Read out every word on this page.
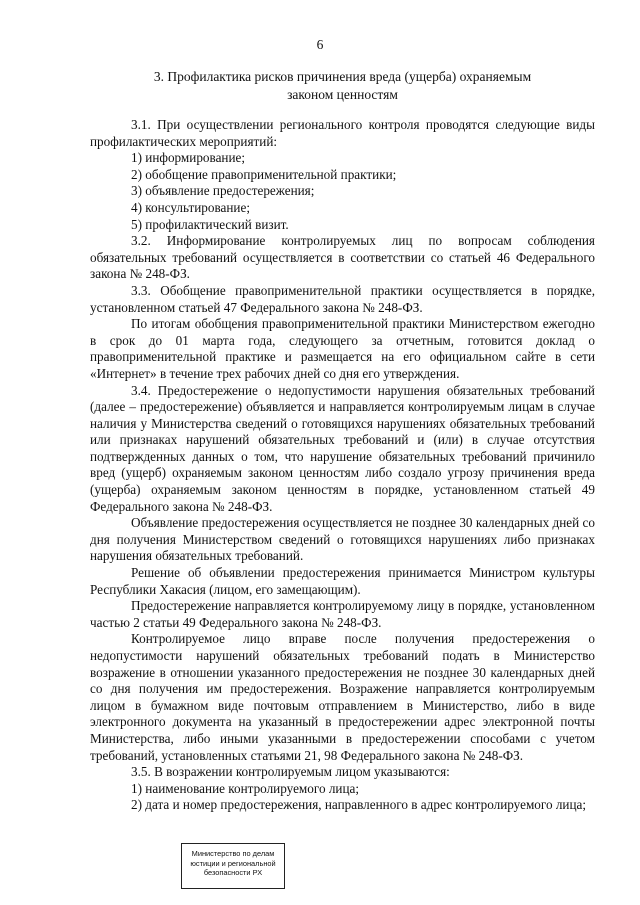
6
3. Профилактика рисков причинения вреда (ущерба) охраняемым
законом ценностям

3.1. При осуществлении регионального контроля проводятся следующие виды профилактических мероприятий:

1) информирование;

2) обобщение правоприменительной практики;

3) объявление предостережения;

4) консультирование;

5) профилактический визит.

3.2. Информирование контролируемых лиц по вопросам соблюдения обязательных требований осуществляется в соответствии со статьей 46 Федерального закона № 248-ФЗ.

3.3. Обобщение правоприменительной практики осуществляется в порядке, установленном статьей 47 Федерального закона № 248-ФЗ.

По итогам обобщения правоприменительной практики Министерством ежегодно в срок до 01 марта года, следующего за отчетным, готовится доклад о правоприменительной практике и размещается на его официальном сайте в сети «Интернет» в течение трех рабочих дней со дня его утверждения.

3.4. Предостережение о недопустимости нарушения обязательных требований (далее – предостережение) объявляется и направляется контролируемым лицам в случае наличия у Министерства сведений о готовящихся нарушениях обязательных требований или признаках нарушений обязательных требований и (или) в случае отсутствия подтвержденных данных о том, что нарушение обязательных требований причинило вред (ущерб) охраняемым законом ценностям либо создало угрозу причинения вреда (ущерба) охраняемым законом ценностям в порядке, установленном статьей 49 Федерального закона № 248-ФЗ.

Объявление предостережения осуществляется не позднее 30 календарных дней со дня получения Министерством сведений о готовящихся нарушениях либо признаках нарушения обязательных требований.

Решение об объявлении предостережения принимается Министром культуры Республики Хакасия (лицом, его замещающим).

Предостережение направляется контролируемому лицу в порядке, установленном частью 2 статьи 49 Федерального закона № 248-ФЗ.

Контролируемое лицо вправе после получения предостережения о недопустимости нарушений обязательных требований подать в Министерство возражение в отношении указанного предостережения не позднее 30 календарных дней со дня получения им предостережения. Возражение направляется контролируемым лицом в бумажном виде почтовым отправлением в Министерство, либо в виде электронного документа на указанный в предостережении адрес электронной почты Министерства, либо иными указанными в предостережении способами с учетом требований, установленных статьями 21, 98 Федерального закона № 248-ФЗ.

3.5. В возражении контролируемым лицом указываются:

1) наименование контролируемого лица;

2) дата и номер предостережения, направленного в адрес контролируемого лица;

Министерство по делам
юстиции и региональной
безопасности РХ
